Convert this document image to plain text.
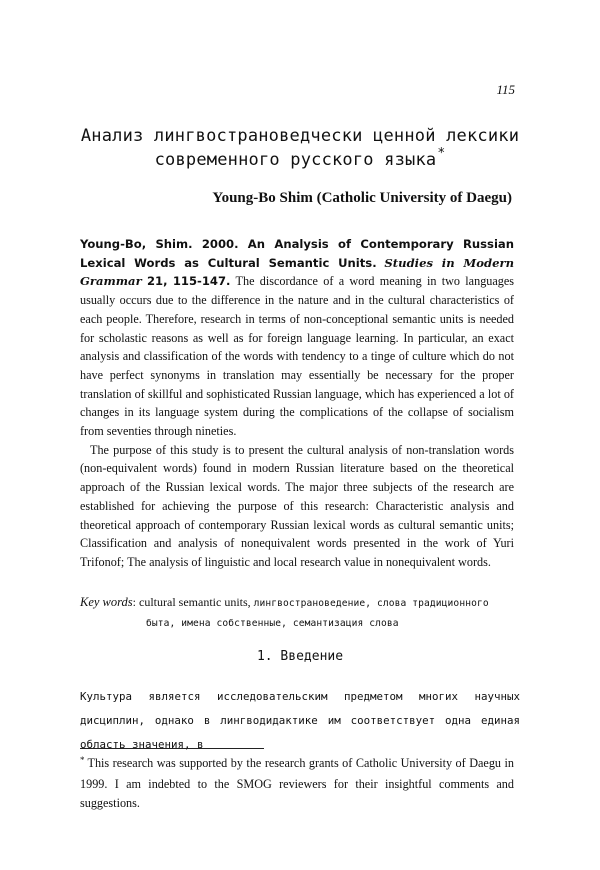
115
Анализ лингвострановедчески ценной лексики
современного русского языка*
Young-Bo Shim (Catholic University of Daegu)

Young-Bo, Shim. 2000. An Analysis of Contemporary Russian Lexical Words as Cultural Semantic Units. Studies in Modern Grammar 21, 115-147. The discordance of a word meaning in two languages usually occurs due to the difference in the nature and in the cultural characteristics of each people. Therefore, research in terms of non-conceptional semantic units is needed for scholastic reasons as well as for foreign language learning. In particular, an exact analysis and classification of the words with tendency to a tinge of culture which do not have perfect synonyms in translation may essentially be necessary for the proper translation of skillful and sophisticated Russian language, which has experienced a lot of changes in its language system during the complications of the collapse of socialism from seventies through nineties.

The purpose of this study is to present the cultural analysis of non-translation words (non-equivalent words) found in modern Russian literature based on the theoretical approach of the Russian lexical words. The major three subjects of the research are established for achieving the purpose of this research: Characteristic analysis and theoretical approach of contemporary Russian lexical words as cultural semantic units; Classification and analysis of nonequivalent words presented in the work of Yuri Trifonof; The analysis of linguistic and local research value in nonequivalent words.

Key words: cultural semantic units, лингвострановедение, слова традиционного
быта, имена собственные, семантизация слова
1. Введение
Культура является исследовательским предметом многих научных дисциплин, однако в лингводидактике им соответствует одна единая область значения, в
* This research was supported by the research grants of Catholic University of Daegu in 1999. I am indebted to the SMOG reviewers for their insightful comments and suggestions.
